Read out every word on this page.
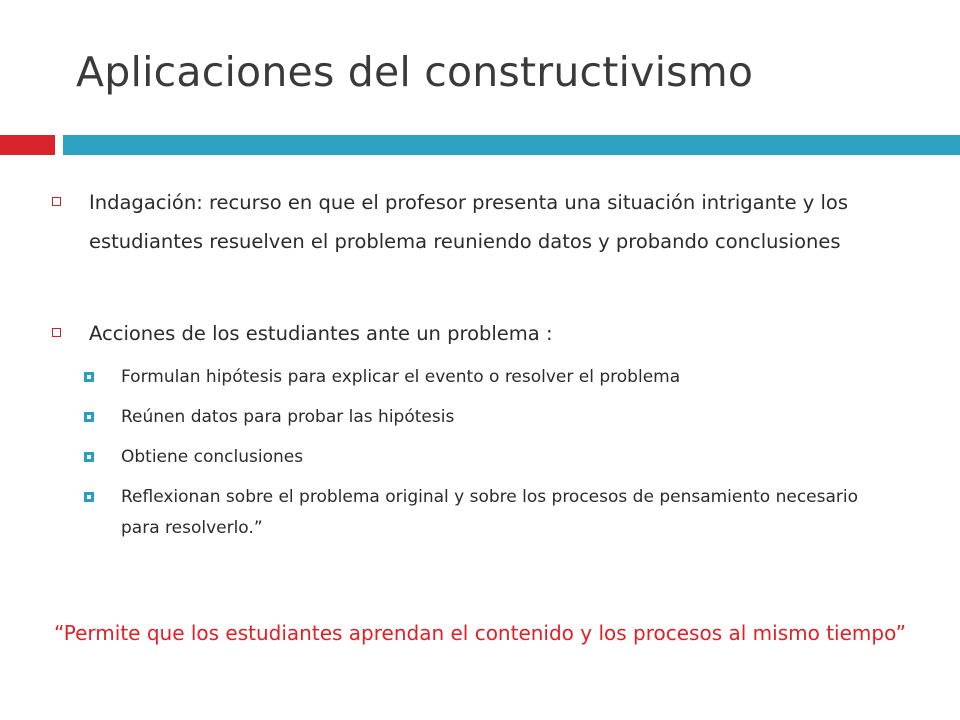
Aplicaciones del constructivismo
Indagación: recurso en que el profesor presenta una situación intrigante y los estudiantes resuelven el problema reuniendo datos y probando conclusiones
Acciones de los estudiantes ante un problema :
Formulan hipótesis para explicar el evento o resolver el problema
Reúnen datos para probar las hipótesis
Obtiene conclusiones
Reflexionan sobre el problema original y sobre los procesos de pensamiento necesario para resolverlo.”
“Permite que los estudiantes aprendan el contenido y los procesos al mismo tiempo”
